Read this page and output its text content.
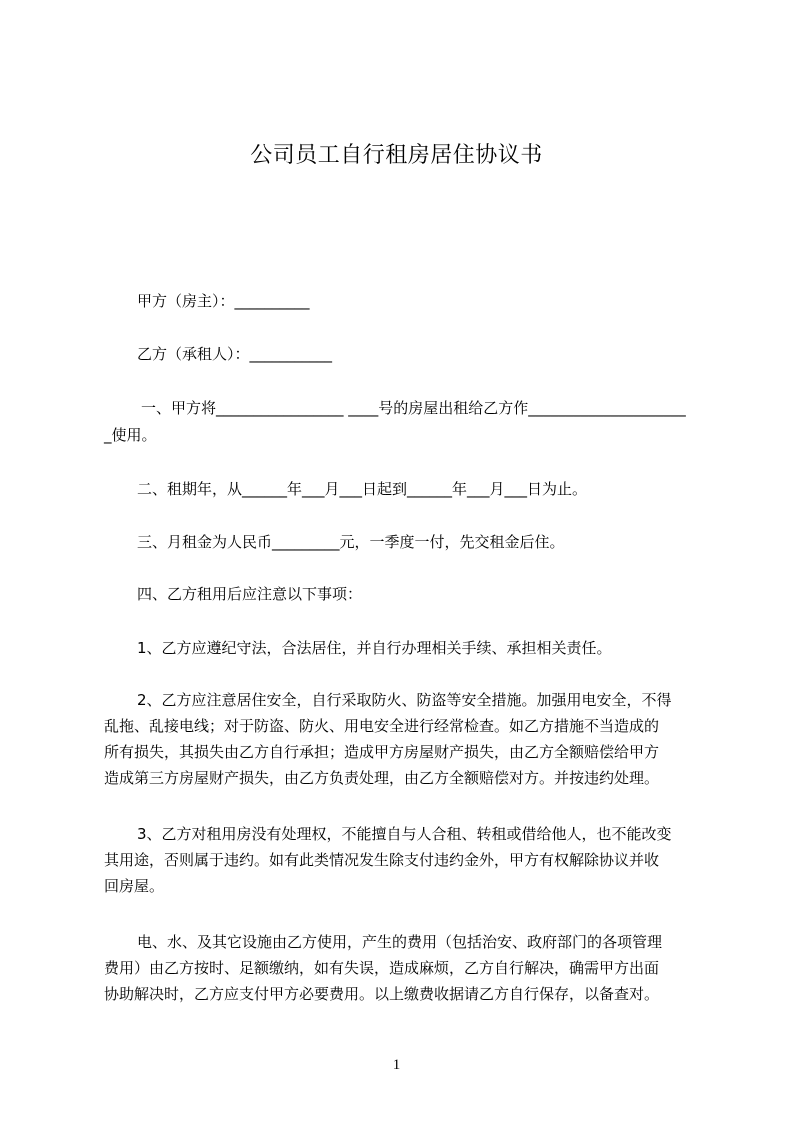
公司员工自行租房居住协议书
甲方（房主）：__________
乙方（承租人）：___________
一、甲方将_________________ ____号的房屋出租给乙方作_____________________
_使用。
二、租期年，从______年___月___日起到______年___月___日为止。
三、月租金为人民币_________元，一季度一付，先交租金后住。
四、乙方租用后应注意以下事项：
1、乙方应遵纪守法，合法居住，并自行办理相关手续、承担相关责任。
2、乙方应注意居住安全，自行采取防火、防盗等安全措施。加强用电安全，不得
乱拖、乱接电线；对于防盗、防火、用电安全进行经常检查。如乙方措施不当造成的
所有损失，其损失由乙方自行承担；造成甲方房屋财产损失，由乙方全额赔偿给甲方
造成第三方房屋财产损失，由乙方负责处理，由乙方全额赔偿对方。并按违约处理。
3、乙方对租用房没有处理权，不能擅自与人合租、转租或借给他人，也不能改变
其用途，否则属于违约。如有此类情况发生除支付违约金外，甲方有权解除协议并收
回房屋。
电、水、及其它设施由乙方使用，产生的费用（包括治安、政府部门的各项管理
费用）由乙方按时、足额缴纳，如有失误，造成麻烦，乙方自行解决，确需甲方出面
协助解决时，乙方应支付甲方必要费用。以上缴费收据请乙方自行保存，以备查对。
1
